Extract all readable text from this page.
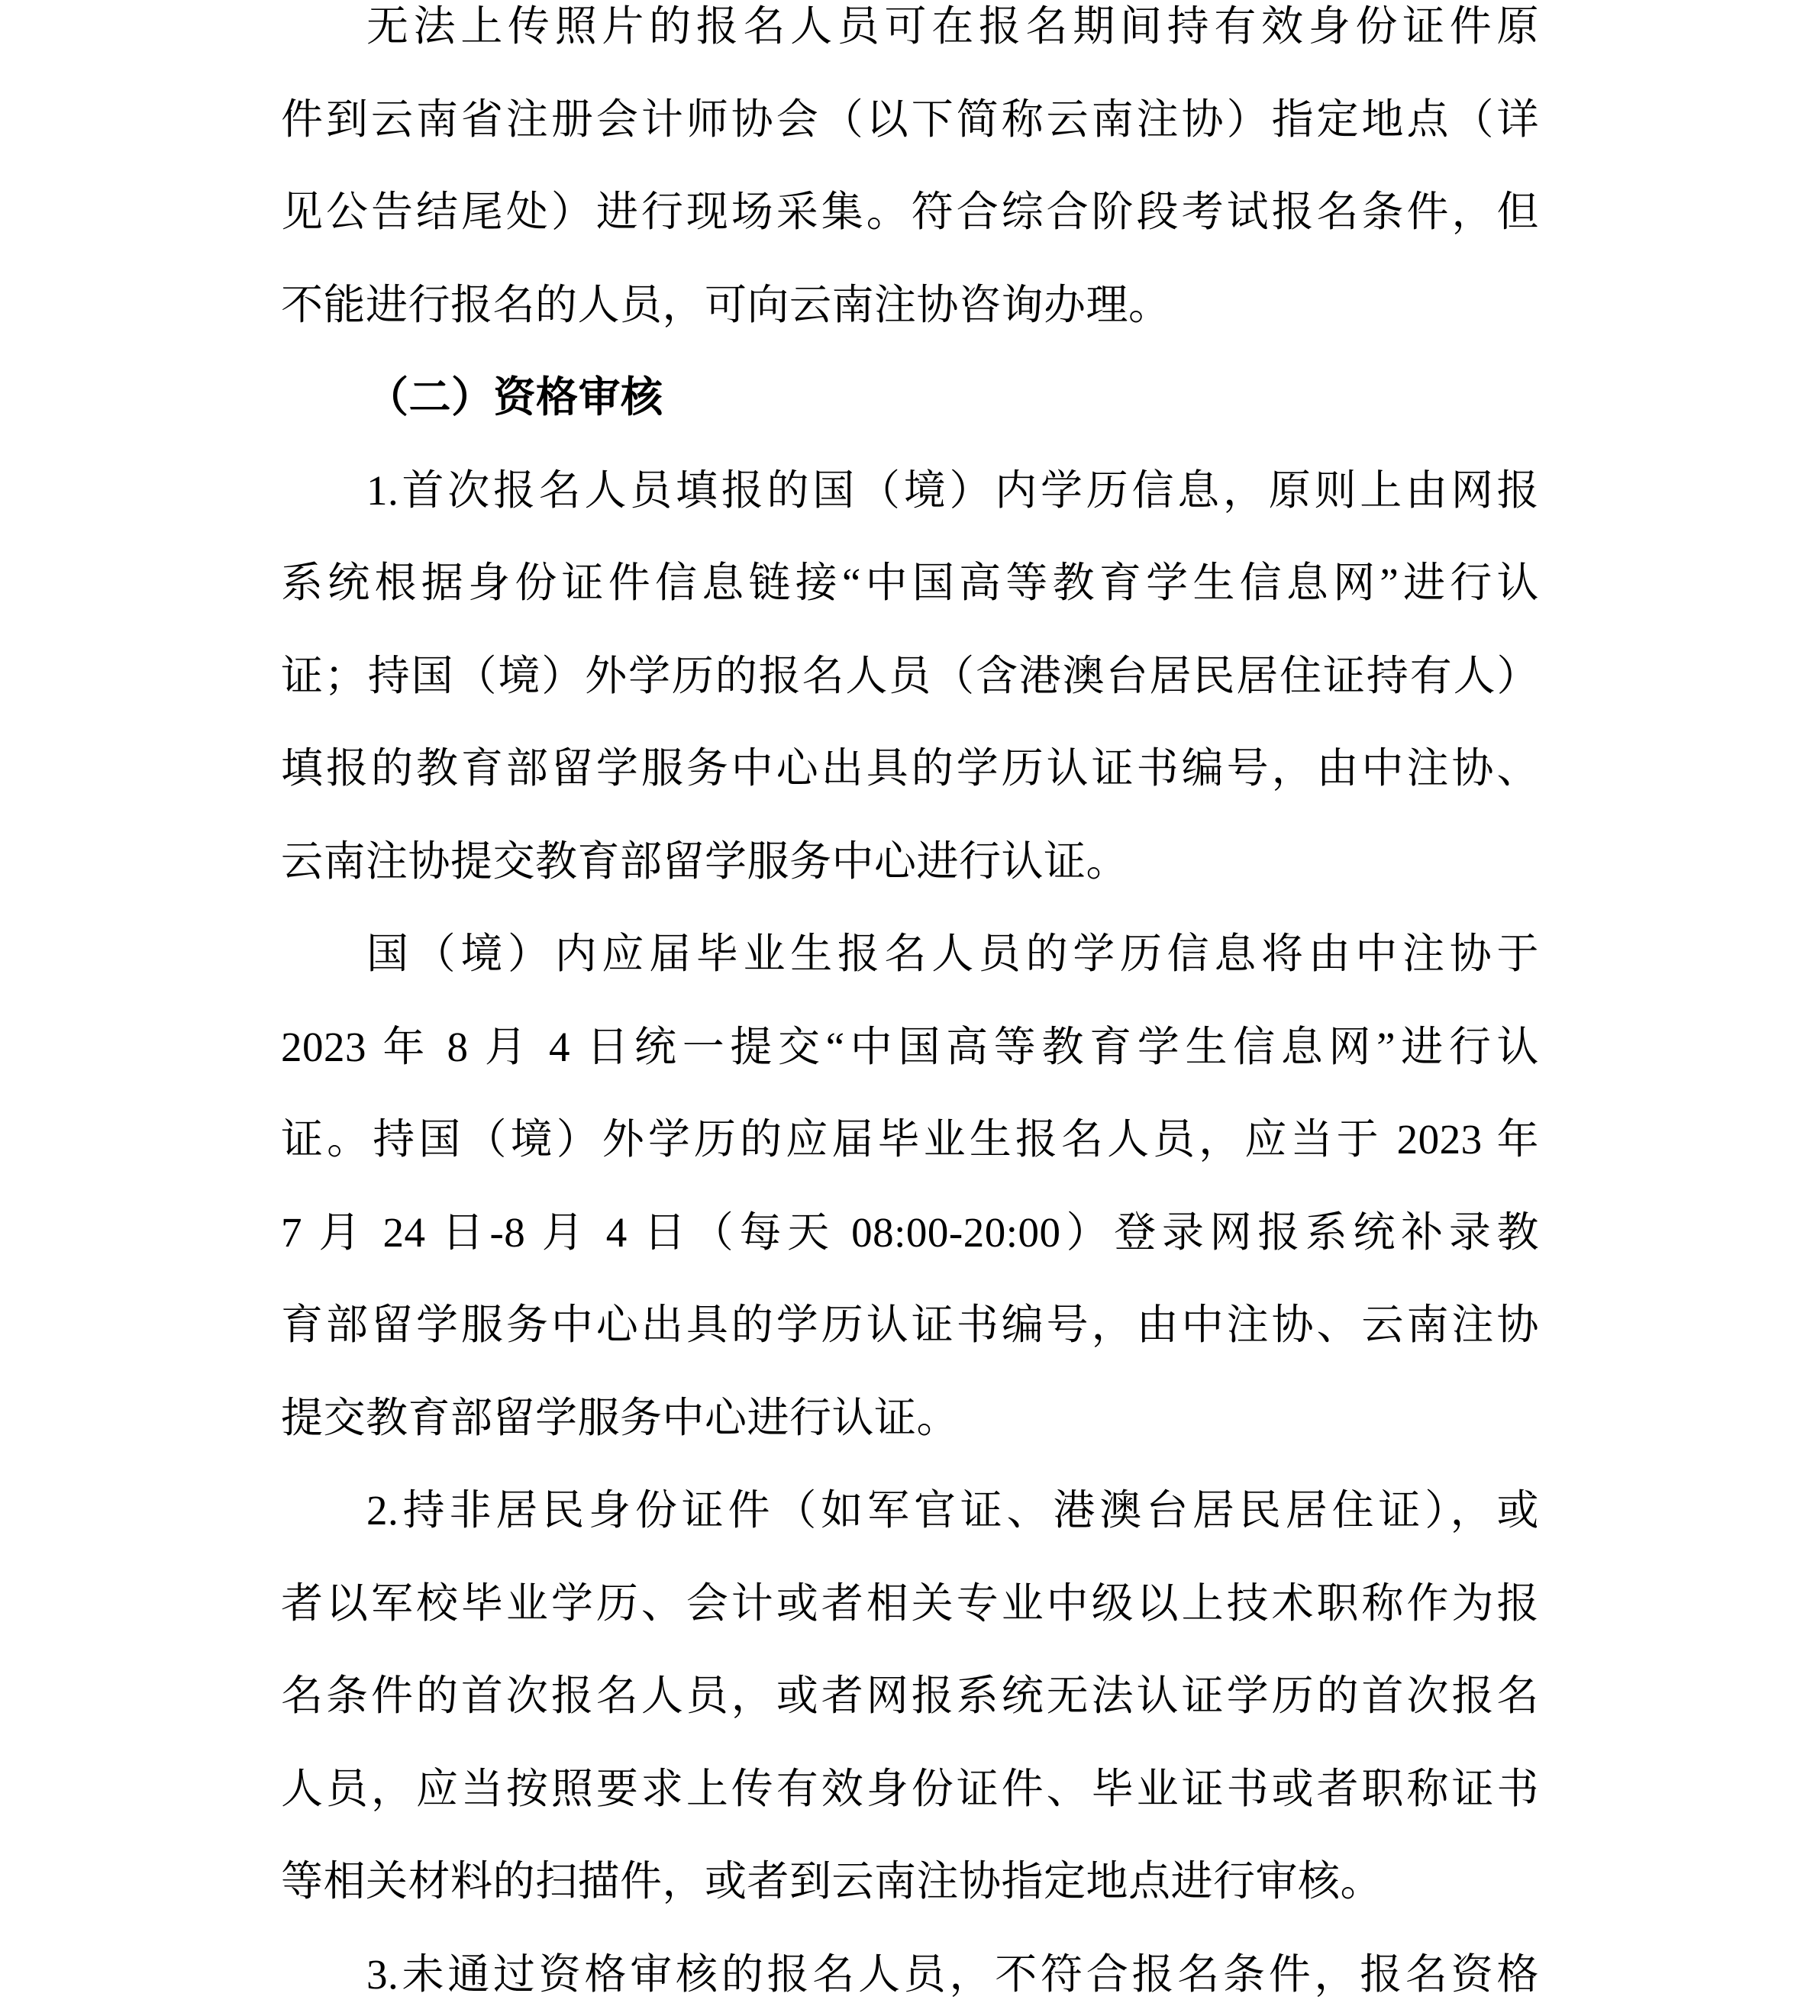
无法上传照片的报名人员可在报名期间持有效身份证件原
件到云南省注册会计师协会（以下简称云南注协）指定地点（详
见公告结尾处）进行现场采集。符合综合阶段考试报名条件，但
不能进行报名的人员，可向云南注协咨询办理。
（二）资格审核
1.首次报名人员填报的国（境）内学历信息，原则上由网报
系统根据身份证件信息链接“中国高等教育学生信息网”进行认
证；持国（境）外学历的报名人员（含港澳台居民居住证持有人）
填报的教育部留学服务中心出具的学历认证书编号，由中注协、
云南注协提交教育部留学服务中心进行认证。
国（境）内应届毕业生报名人员的学历信息将由中注协于
2023 年 8 月 4 日统一提交“中国高等教育学生信息网”进行认
证。持国（境）外学历的应届毕业生报名人员，应当于 2023 年
7 月 24 日-8 月 4 日（每天 08:00-20:00）登录网报系统补录教
育部留学服务中心出具的学历认证书编号，由中注协、云南注协
提交教育部留学服务中心进行认证。
2.持非居民身份证件（如军官证、港澳台居民居住证），或
者以军校毕业学历、会计或者相关专业中级以上技术职称作为报
名条件的首次报名人员，或者网报系统无法认证学历的首次报名
人员，应当按照要求上传有效身份证件、毕业证书或者职称证书
等相关材料的扫描件，或者到云南注协指定地点进行审核。
3.未通过资格审核的报名人员，不符合报名条件，报名资格
